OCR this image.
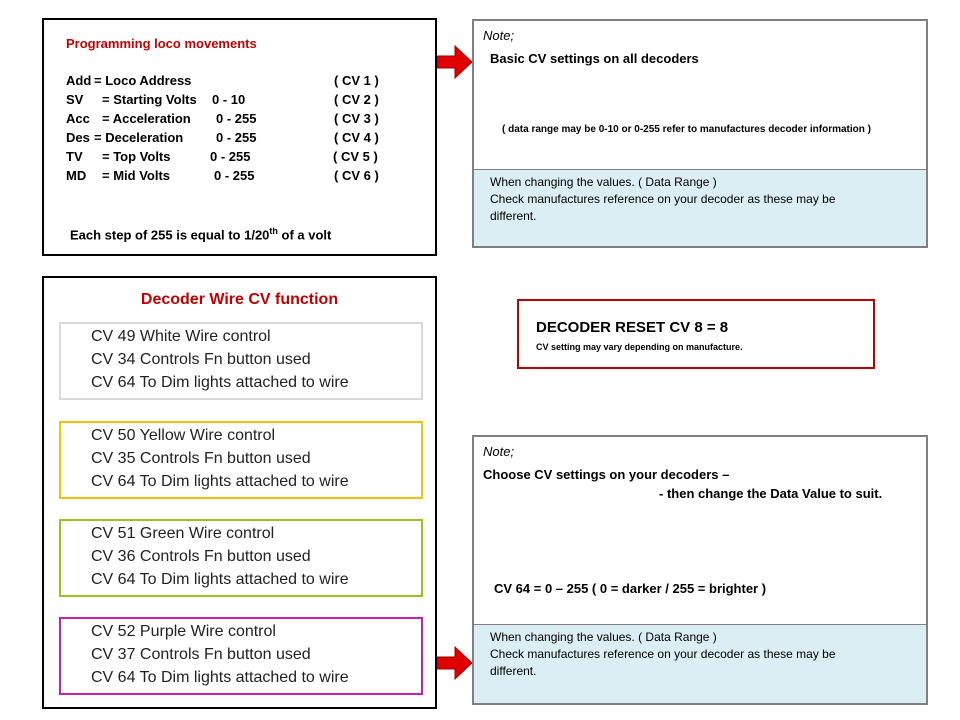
Programming loco movements
Add = Loco Address	( CV 1 )
SV = Starting Volts 0 - 10	( CV 2 )
Acc = Acceleration 0 - 255	( CV 3 )
Des = Deceleration	0 - 255	( CV 4 )
TV = Top Volts	0 - 255	( CV 5 )
MD = Mid Volts	0 - 255	( CV 6 )
Each step of 255 is equal to 1/20th of a volt
Note;
Basic CV settings on all decoders
( data range may be 0-10 or 0-255 refer to manufactures decoder information )
When changing the values. ( Data Range )
Check manufactures reference on your decoder as these may be
different.
DECODER RESET CV 8 = 8
CV setting may vary depending on manufacture.
Decoder Wire CV function
CV 49 White Wire control
CV 34 Controls Fn button used
CV 64 To Dim lights attached to wire
CV 50 Yellow Wire control
CV 35 Controls Fn button used
CV 64 To Dim lights attached to wire
CV 51 Green Wire control
CV 36 Controls Fn button used
CV 64 To Dim lights attached to wire
CV 52 Purple Wire control
CV 37 Controls Fn button used
CV 64 To Dim lights attached to wire
Note;
Choose CV settings on your decoders –
- then change the Data Value to suit.
CV 64 = 0 – 255 ( 0 = darker / 255 = brighter )
When changing the values. ( Data Range )
Check manufactures reference on your decoder as these may be
different.
